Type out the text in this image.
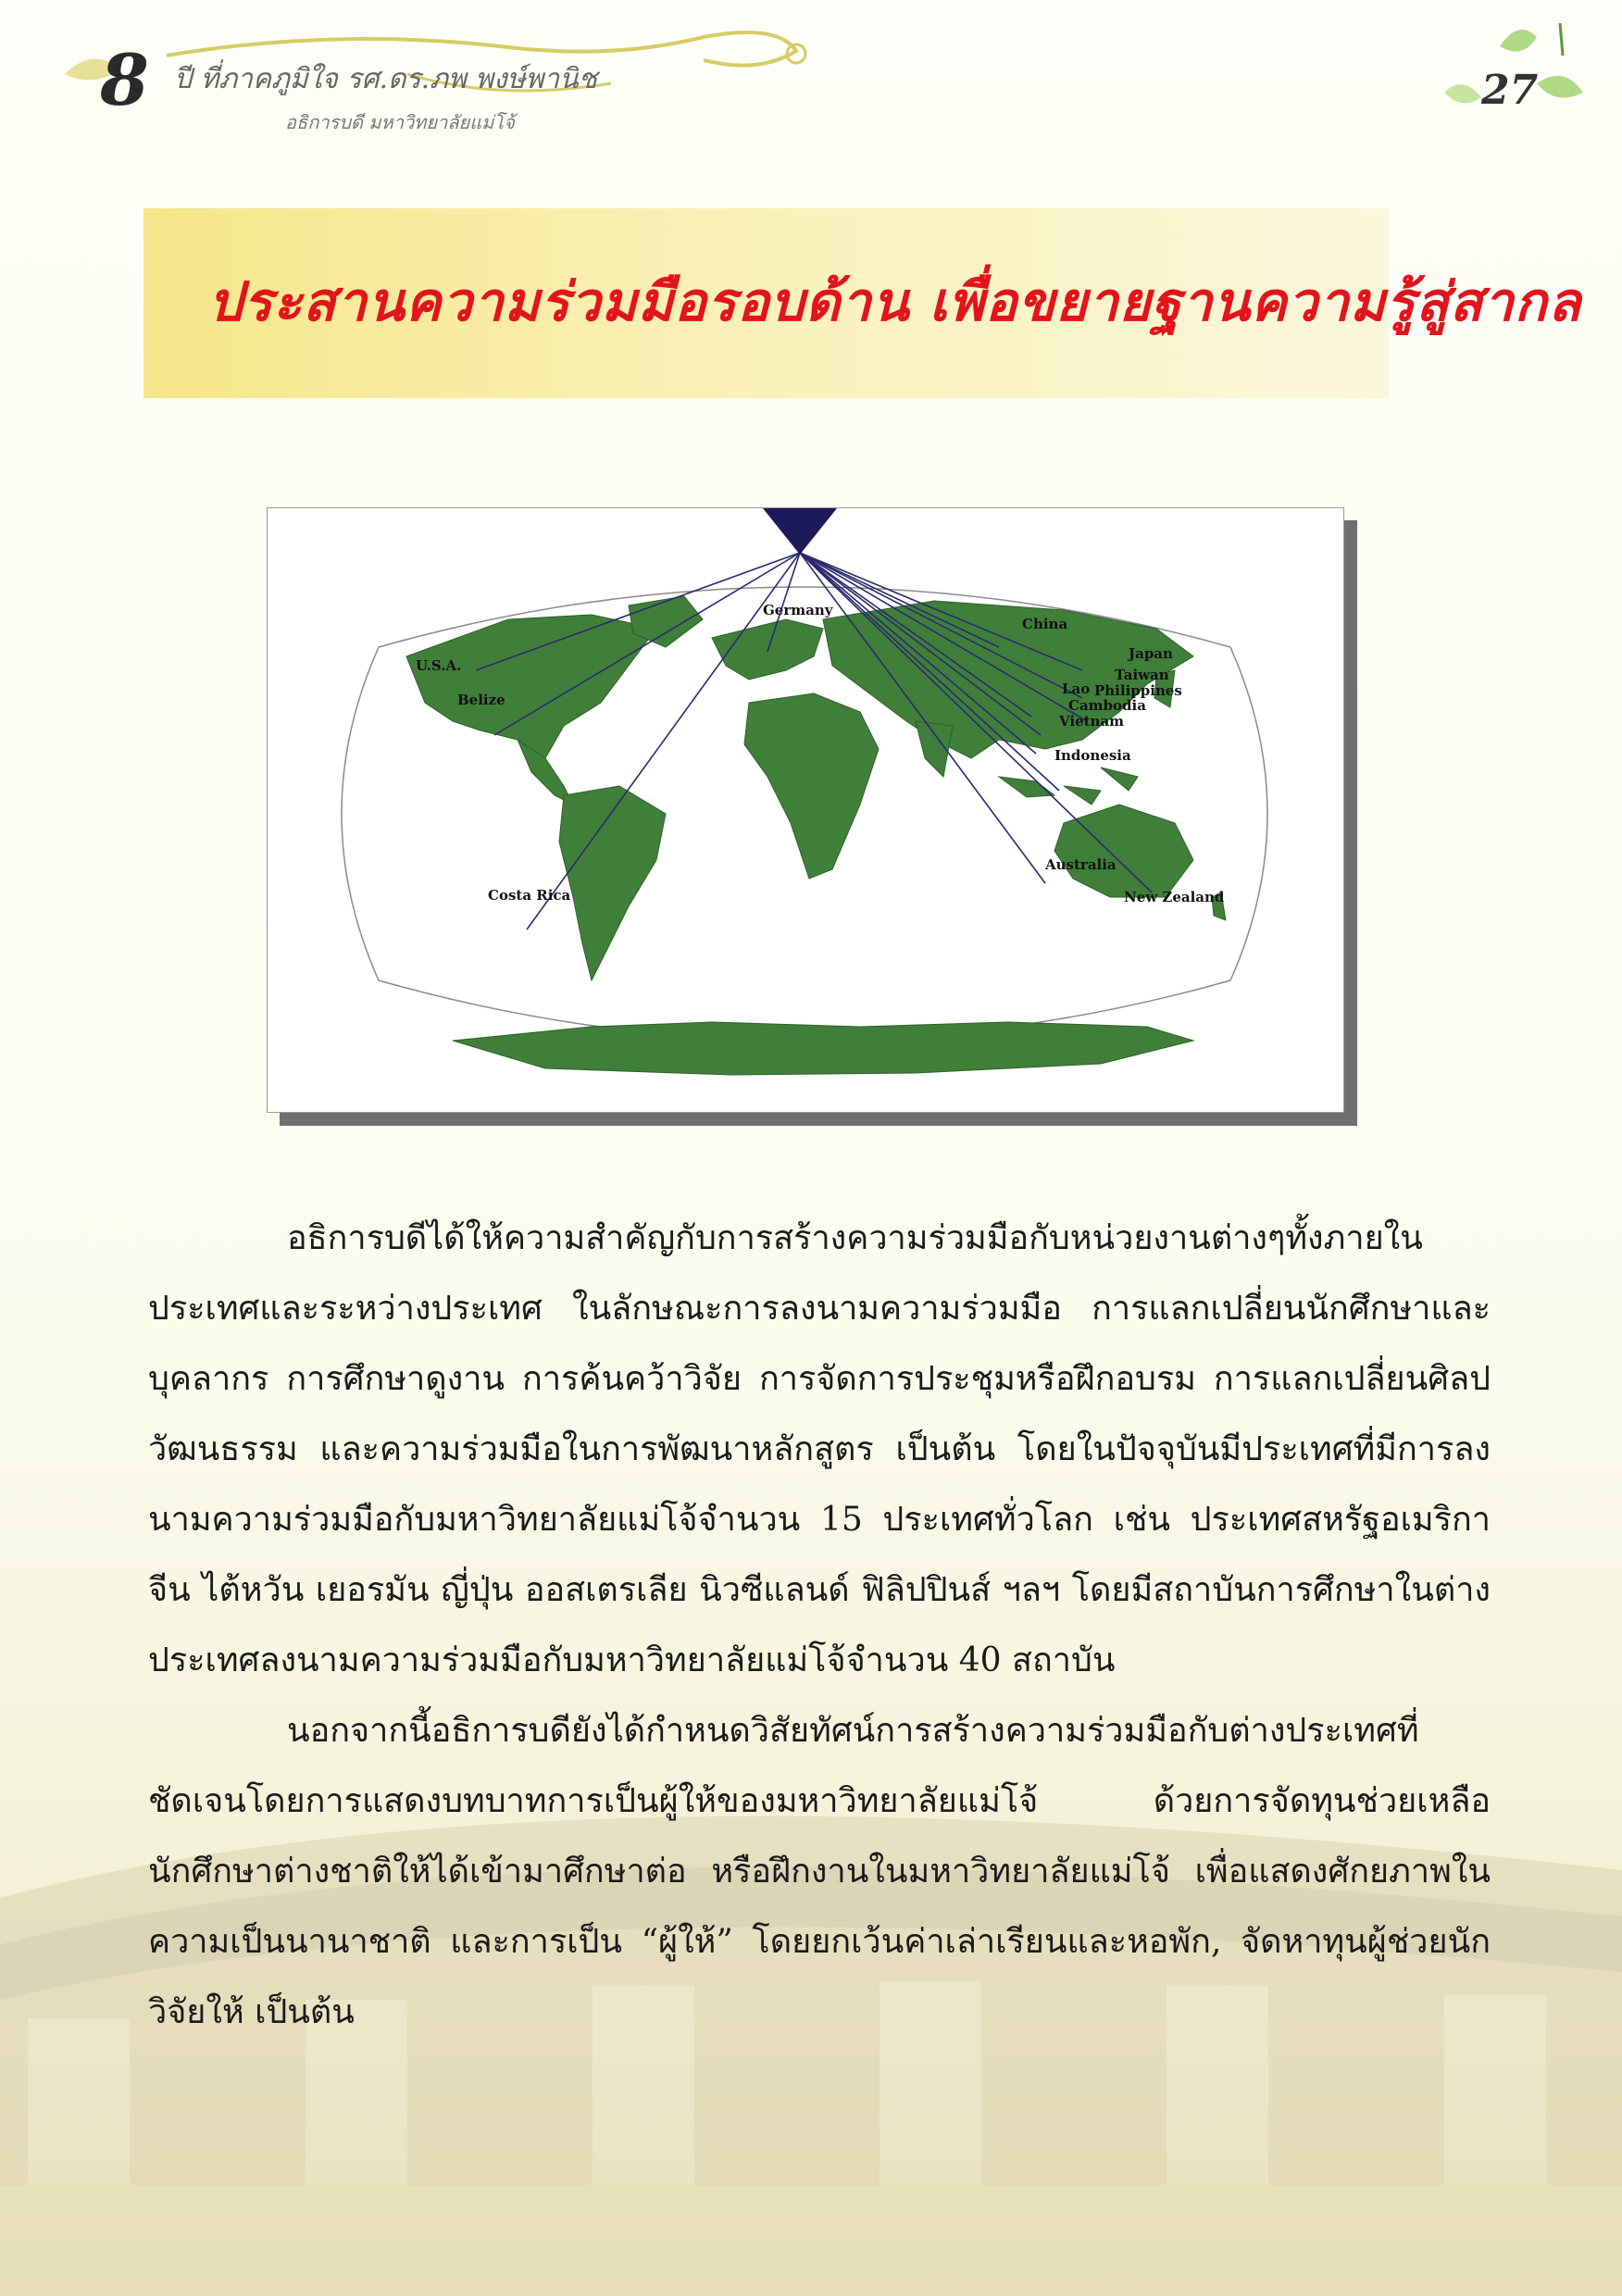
8 ปี ที่ภาคภูมิใจ รศ.ดร.ภพ พงษ์พานิช
อธิการบดี มหาวิทยาลัยแม่โจ้
27
ประสานความร่วมมือรอบด้าน เพื่อขยายฐานความรู้สู่สากล
U.S.A.
Germany
China
Japan
Taiwan
Lao Philippines
Cambodia
Vietnam
Belize
Indonesia
Australia
New Zealand
Costa Rica

อธิการบดีได้ให้ความสำคัญกับการสร้างความร่วมมือกับหน่วยงานต่างๆทั้งภายในประเทศและระหว่างประเทศ ในลักษณะการลงนามความร่วมมือ การแลกเปลี่ยนนักศึกษาและบุคลากร การศึกษาดูงาน การค้นคว้าวิจัย การจัดการประชุมหรือฝึกอบรม การแลกเปลี่ยนศิลปวัฒนธรรม และความร่วมมือในการพัฒนาหลักสูตร เป็นต้น โดยในปัจจุบันมีประเทศที่มีการลงนามความร่วมมือกับมหาวิทยาลัยแม่โจ้จำนวน 15 ประเทศทั่วโลก เช่น ประเทศสหรัฐอเมริกา จีน ไต้หวัน เยอรมัน ญี่ปุ่น ออสเตรเลีย นิวซีแลนด์ ฟิลิปปินส์ ฯลฯ โดยมีสถาบันการศึกษาในต่างประเทศลงนามความร่วมมือกับมหาวิทยาลัยแม่โจ้จำนวน 40 สถาบัน

นอกจากนี้อธิการบดียังได้กำหนดวิสัยทัศน์การสร้างความร่วมมือกับต่างประเทศที่ชัดเจนโดยการแสดงบทบาทการเป็นผู้ให้ของมหาวิทยาลัยแม่โจ้ ด้วยการจัดทุนช่วยเหลือนักศึกษาต่างชาติให้ได้เข้ามาศึกษาต่อ หรือฝึกงานในมหาวิทยาลัยแม่โจ้ เพื่อแสดงศักยภาพในความเป็นนานาชาติ และการเป็น “ผู้ให้” โดยยกเว้นค่าเล่าเรียนและหอพัก, จัดหาทุนผู้ช่วยนักวิจัยให้ เป็นต้น
